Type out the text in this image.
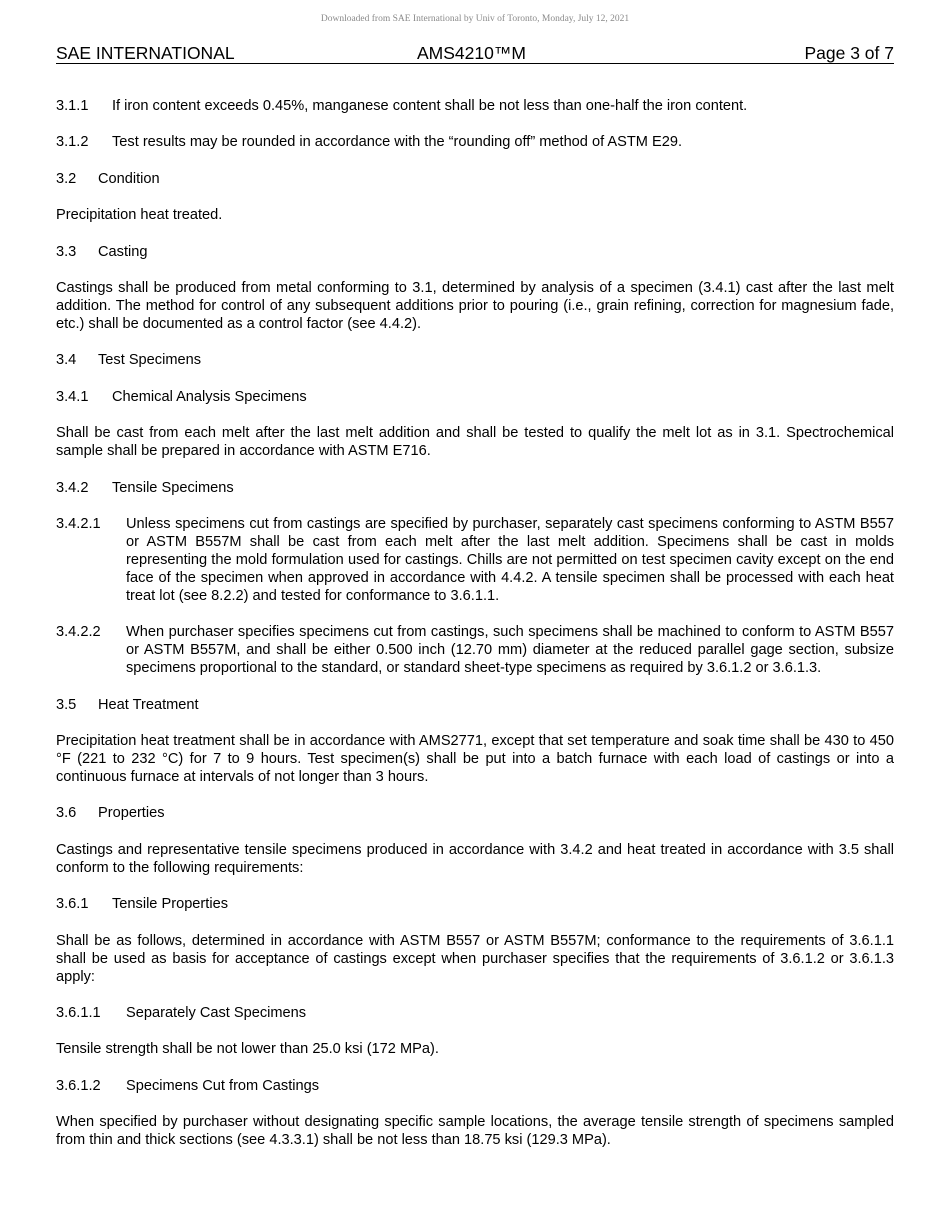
Downloaded from SAE International by Univ of Toronto, Monday, July 12, 2021
SAE INTERNATIONAL	AMS4210™M	Page 3 of 7
3.1.1 If iron content exceeds 0.45%, manganese content shall be not less than one-half the iron content.
3.1.2 Test results may be rounded in accordance with the “rounding off” method of ASTM E29.
3.2 Condition
Precipitation heat treated.
3.3 Casting
Castings shall be produced from metal conforming to 3.1, determined by analysis of a specimen (3.4.1) cast after the last melt addition. The method for control of any subsequent additions prior to pouring (i.e., grain refining, correction for magnesium fade, etc.) shall be documented as a control factor (see 4.4.2).
3.4 Test Specimens
3.4.1 Chemical Analysis Specimens
Shall be cast from each melt after the last melt addition and shall be tested to qualify the melt lot as in 3.1. Spectrochemical sample shall be prepared in accordance with ASTM E716.
3.4.2 Tensile Specimens
3.4.2.1	Unless specimens cut from castings are specified by purchaser, separately cast specimens conforming to ASTM B557 or ASTM B557M shall be cast from each melt after the last melt addition. Specimens shall be cast in molds representing the mold formulation used for castings. Chills are not permitted on test specimen cavity except on the end face of the specimen when approved in accordance with 4.4.2. A tensile specimen shall be processed with each heat treat lot (see 8.2.2) and tested for conformance to 3.6.1.1.
3.4.2.2	When purchaser specifies specimens cut from castings, such specimens shall be machined to conform to ASTM B557 or ASTM B557M, and shall be either 0.500 inch (12.70 mm) diameter at the reduced parallel gage section, subsize specimens proportional to the standard, or standard sheet-type specimens as required by 3.6.1.2 or 3.6.1.3.
3.5 Heat Treatment
Precipitation heat treatment shall be in accordance with AMS2771, except that set temperature and soak time shall be 430 to 450 °F (221 to 232 °C) for 7 to 9 hours. Test specimen(s) shall be put into a batch furnace with each load of castings or into a continuous furnace at intervals of not longer than 3 hours.
3.6 Properties
Castings and representative tensile specimens produced in accordance with 3.4.2 and heat treated in accordance with 3.5 shall conform to the following requirements:
3.6.1 Tensile Properties
Shall be as follows, determined in accordance with ASTM B557 or ASTM B557M; conformance to the requirements of 3.6.1.1 shall be used as basis for acceptance of castings except when purchaser specifies that the requirements of 3.6.1.2 or 3.6.1.3 apply:
3.6.1.1 Separately Cast Specimens
Tensile strength shall be not lower than 25.0 ksi (172 MPa).
3.6.1.2 Specimens Cut from Castings
When specified by purchaser without designating specific sample locations, the average tensile strength of specimens sampled from thin and thick sections (see 4.3.3.1) shall be not less than 18.75 ksi (129.3 MPa).
